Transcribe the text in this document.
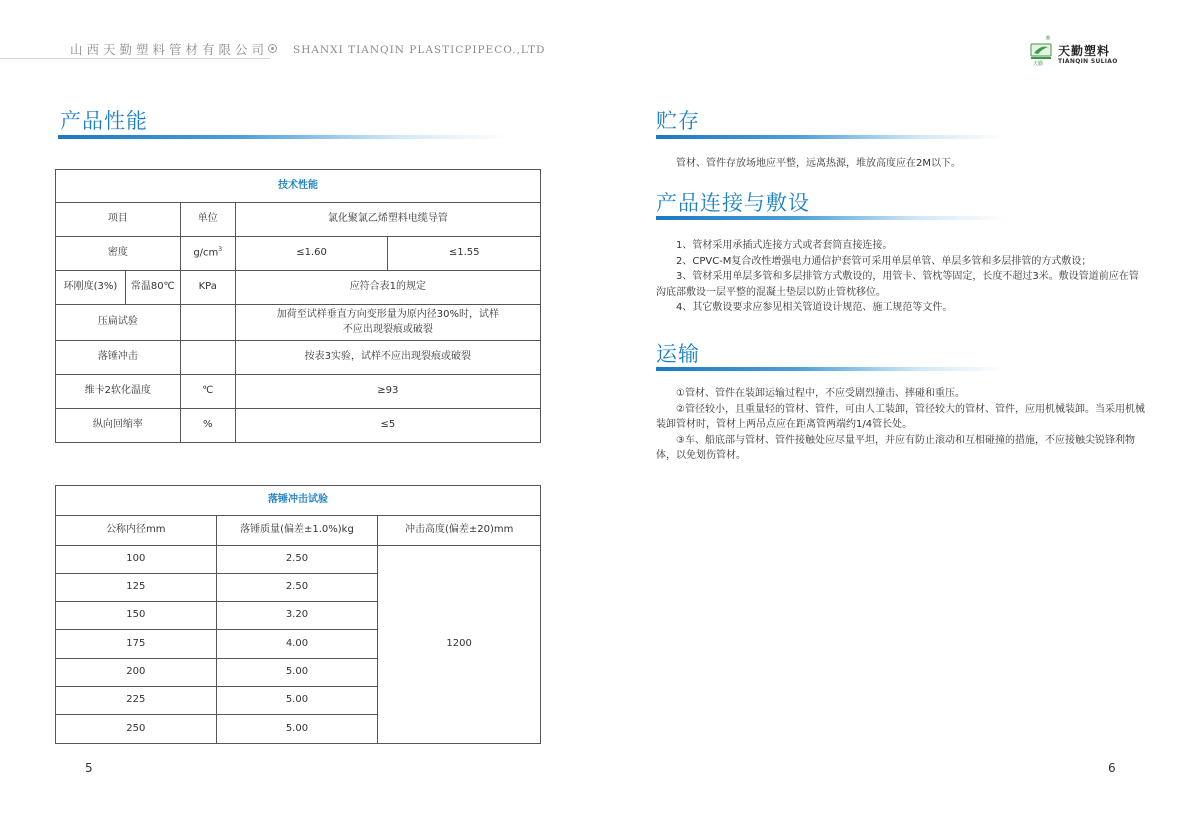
山西天勤塑料管材有限公司 SHANXI TIANQIN PLASTICPIPECO.,LTD
天勤
®
天勤塑料
TIANQIN SULIAO
产品性能
技术性能				
项目		单位	氯化聚氯乙烯塑料电缆导管	
密度		$g/cm^3$	≤1.60	≤1.55
环刚度(3%)	常温80℃	KPa	应符合表1的规定	
压扁试验			加荷至试样垂直方向变形量为原内径30%时，试样不应出现裂痕或破裂	
落锤冲击			按表3实验，试样不应出现裂痕或破裂	
维卡2软化温度		℃	≥93	
纵向回缩率		%	≤5	
落锤冲击试验		
公称内径mm	落锤质量(偏差±1.0%)kg	冲击高度(偏差±20)mm
100	2.50	1200
125	2.50	
150	3.20	
175	4.00	
200	5.00	
225	5.00	
250	5.00	
5
贮存
管材、管件存放场地应平整，远离热源，堆放高度应在2M以下。
产品连接与敷设

1、管材采用承插式连接方式或者套筒直接连接。

2、CPVC-M复合改性增强电力通信护套管可采用单层单管、单层多管和多层排管的方式敷设；

3、管材采用单层多管和多层排管方式敷设的，用管卡、管枕等固定，长度不超过3米。敷设管道前应在管沟底部敷设一层平整的混凝土垫层以防止管枕移位。

4、其它敷设要求应参见相关管道设计规范、施工规范等文件。

运输

①管材、管件在装卸运输过程中，不应受剧烈撞击、摔碰和重压。

②管径较小，且重量轻的管材、管件，可由人工装卸，管径较大的管材、管件，应用机械装卸。当采用机械装卸管材时，管材上两吊点应在距离管两端约1/4管长处。

③车、船底部与管材、管件接触处应尽量平坦，并应有防止滚动和互相碰撞的措施，不应接触尖锐锋利物体，以免划伤管材。

6
